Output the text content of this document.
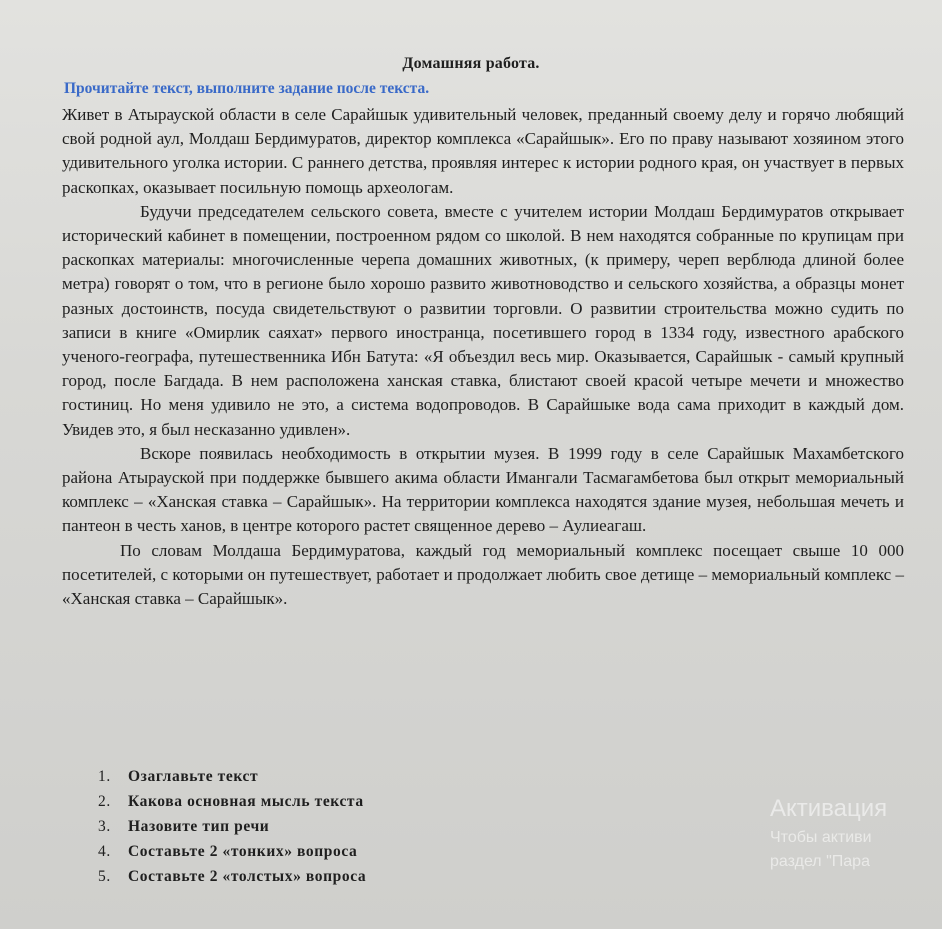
Домашняя работа.
Прочитайте текст, выполните задание после текста.

Живет в Атырауской области в селе Сарайшык удивительный человек, преданный своему делу и горячо любящий свой родной аул, Молдаш Бердимуратов, директор комплекса «Сарайшык». Его по праву называют хозяином этого удивительного уголка истории. С раннего детства, проявляя интерес к истории родного края, он участвует в первых раскопках, оказывает посильную помощь археологам.

Будучи председателем сельского совета, вместе с учителем истории Молдаш Бердимуратов открывает исторический кабинет в помещении, построенном рядом со школой. В нем находятся собранные по крупицам при раскопках материалы: многочисленные черепа домашних животных, (к примеру, череп верблюда длиной более метра) говорят о том, что в регионе было хорошо развито животноводство и сельского хозяйства, а образцы монет разных достоинств, посуда свидетельствуют о развитии торговли. О развитии строительства можно судить по записи в книге «Омирлик саяхат» первого иностранца, посетившего город в 1334 году, известного арабского ученого-географа, путешественника Ибн Батута: «Я объездил весь мир. Оказывается, Сарайшык - самый крупный город, после Багдада. В нем расположена ханская ставка, блистают своей красой четыре мечети и множество гостиниц. Но меня удивило не это, а система водопроводов. В Сарайшыке вода сама приходит в каждый дом. Увидев это, я был несказанно удивлен».

Вскоре появилась необходимость в открытии музея. В 1999 году в селе Сарайшык Махамбетского района Атырауской при поддержке бывшего акима области Имангали Тасмагамбетова был открыт мемориальный комплекс – «Ханская ставка – Сарайшык». На территории комплекса находятся здание музея, небольшая мечеть и пантеон в честь ханов, в центре которого растет священное дерево – Аулиеагаш.

По словам Молдаша Бердимуратова, каждый год мемориальный комплекс посещает свыше 10 000 посетителей, с которыми он путешествует, работает и продолжает любить свое детище – мемориальный комплекс – «Ханская ставка – Сарайшык».

1.	Озаглавьте текст
2.	Какова основная мысль текста
3.	Назовите тип речи
4.	Составьте 2 «тонких» вопроса
5.	Составьте 2 «толстых» вопроса
Активация
Чтобы активи
раздел "Пара
